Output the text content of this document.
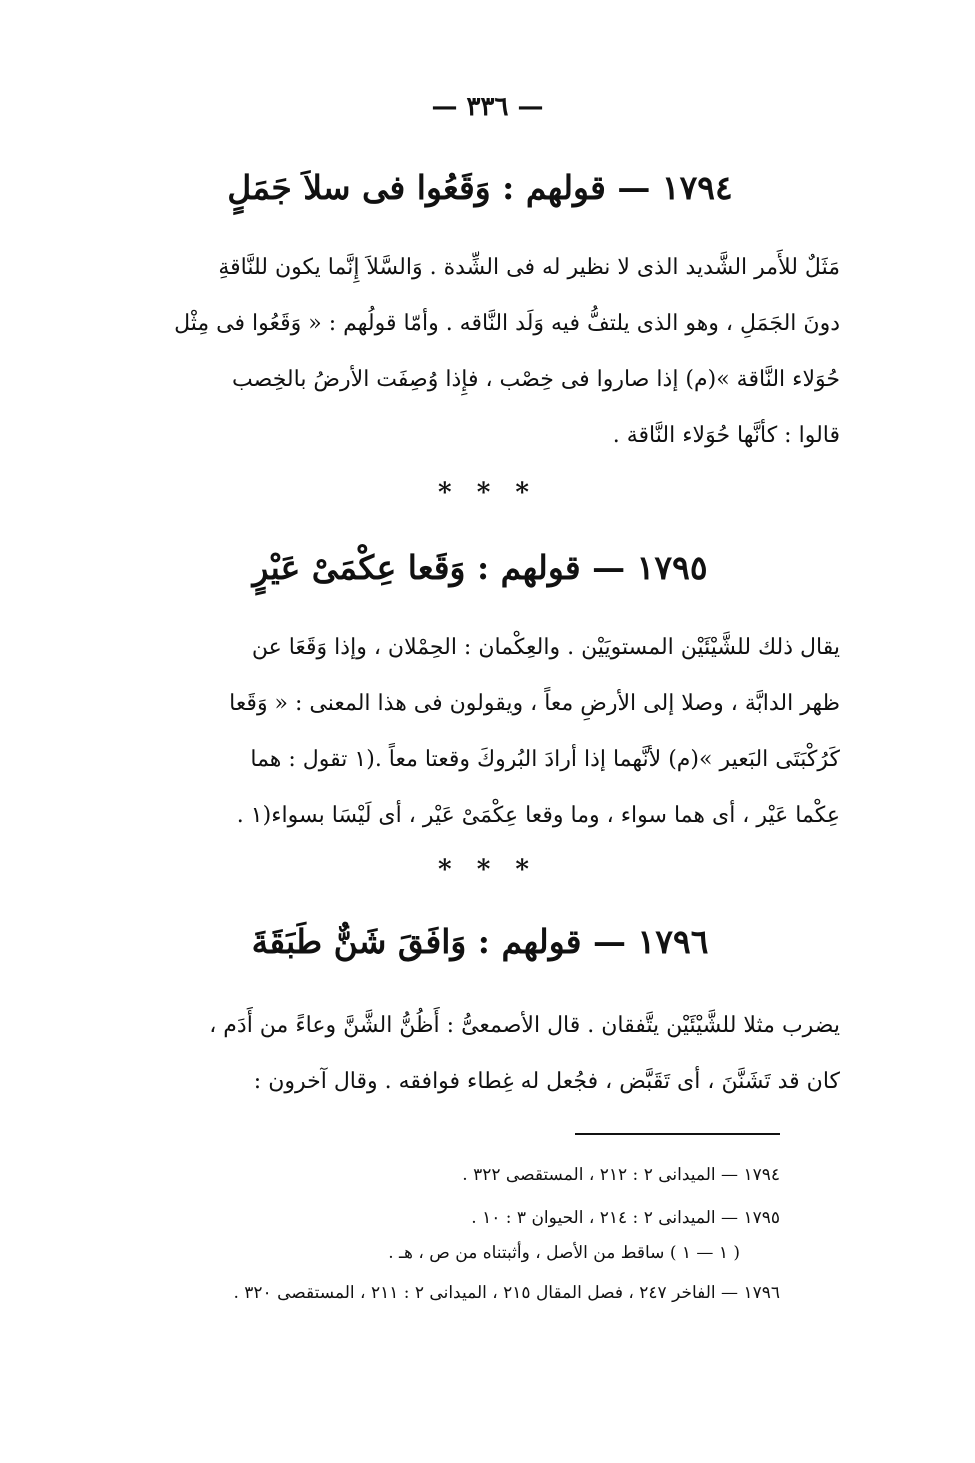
— ٣٣٦ —
١٧٩٤ — قولهم : وَقَعُوا فى سلاَ جَمَلٍ
مَثَلٌ للأَمر الشَّديد الذى لا نظير له فى الشِّدة . وَالسَّلاَ إِنَّما يكون للنَّاقةِ
دونَ الجَمَلِ ، وهو الذى يلتفُّ فيه وَلَد النَّاقه . وأمّا قولُهم : « وَقَعُوا فى مِثْل
حُوَلاء النَّاقة »(م) إذا صاروا فى خِصْب ، فإِذا وُصِفَت الأرضُ بالخِصب
قالوا : كأنَّها حُوَلاء النَّاقة .
* * *
١٧٩٥ — قولهم : وَقَعا عِكْمَىْ عَيْرٍ
يقال ذلك للشَّيْئَيْن المستويَيْن . والعِكْمان : الحِمْلان ، وإذا وَقَعَا عن
ظهر الدابَّة ، وصلا إلى الأرضِ معاً ، ويقولون فى هذا المعنى : « وَقَعا
كَرُكْبَتَى البَعير »(م) لأنَّهما إذا أرادَ البُروكَ وقعتا معاً .(١ تقول : هما
عِكْما عَيْر ، أى هما سواء ، وما وقعا عِكْمَىْ عَيْر ، أى لَيْسَا بسواء(١ .
* * *
١٧٩٦ — قولهم : وَافَقَ شَنٌّ طَبَقَةَ
يضرب مثلا للشَّيْئَيْن يتَّفقان . قال الأصمعىُّ : أَظُنُّ الشَّنَّ وعاءً من أَدَم ،
كان قد تَشَنَّنَ ، أى تَقَبَّض ، فجُعل له غِطاء فوافقه . وقال آخرون :
١٧٩٤ — الميدانى ٢ : ٢١٢ ، المستقصى ٣٢٢ .
١٧٩٥ — الميدانى ٢ : ٢١٤ ، الحيوان ٣ : ١٠ .
( ١ — ١ ) ساقط من الأصل ، وأثبتناه من ص ، هـ .
١٧٩٦ — الفاخر ٢٤٧ ، فصل المقال ٢١٥ ، الميدانى ٢ : ٢١١ ، المستقصى ٣٢٠ .
